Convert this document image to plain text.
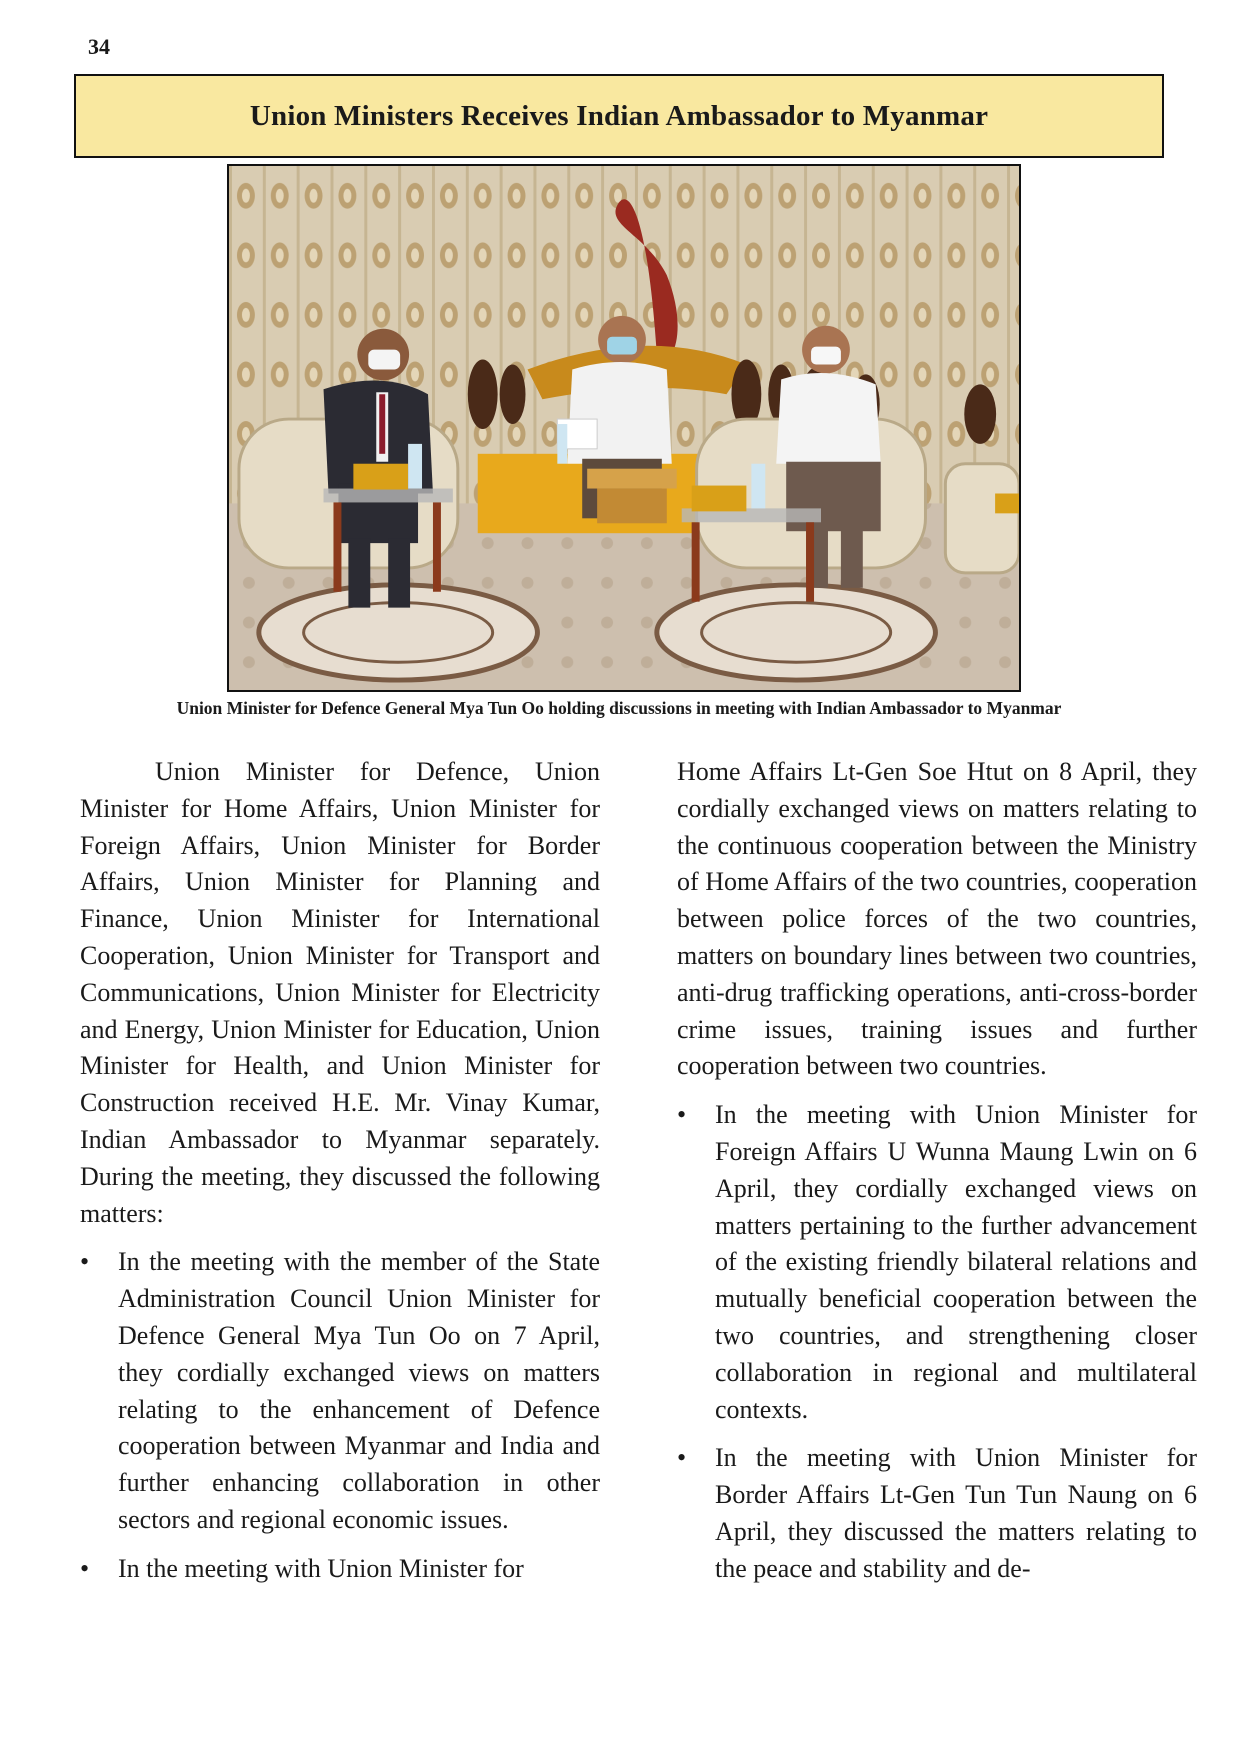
34
Union Ministers Receives Indian Ambassador to Myanmar
Union Minister for Defence General Mya Tun Oo holding discussions in meeting with Indian Ambassador to Myanmar

Union Minister for Defence, Union Minister for Home Affairs, Union Minister for Foreign Affairs, Union Minister for Border Affairs, Union Minister for Planning and Finance, Union Minister for International Cooperation, Union Minister for Transport and Communications, Union Minister for Electricity and Energy, Union Minister for Education, Union Minister for Health, and Union Minister for Construction received H.E. Mr. Vinay Kumar, Indian Ambassador to Myanmar separately. During the meeting, they discussed the following matters:

• In the meeting with the member of the State Administration Council Union Minister for Defence General Mya Tun Oo on 7 April, they cordially exchanged views on matters relating to the enhancement of Defence cooperation between Myanmar and India and further enhancing collaboration in other sectors and regional economic issues.
• In the meeting with Union Minister for

Home Affairs Lt-Gen Soe Htut on 8 April, they cordially exchanged views on matters relating to the continuous cooperation between the Ministry of Home Affairs of the two countries, cooperation between police forces of the two countries, matters on boundary lines between two countries, anti-drug trafficking operations, anti-cross-border crime issues, training issues and further cooperation between two countries.

• In the meeting with Union Minister for Foreign Affairs U Wunna Maung Lwin on 6 April, they cordially exchanged views on matters pertaining to the further advancement of the existing friendly bilateral relations and mutually beneficial cooperation between the two countries, and strengthening closer collaboration in regional and multilateral contexts.
• In the meeting with Union Minister for Border Affairs Lt-Gen Tun Tun Naung on 6 April, they discussed the matters relating to the peace and stability and de-
